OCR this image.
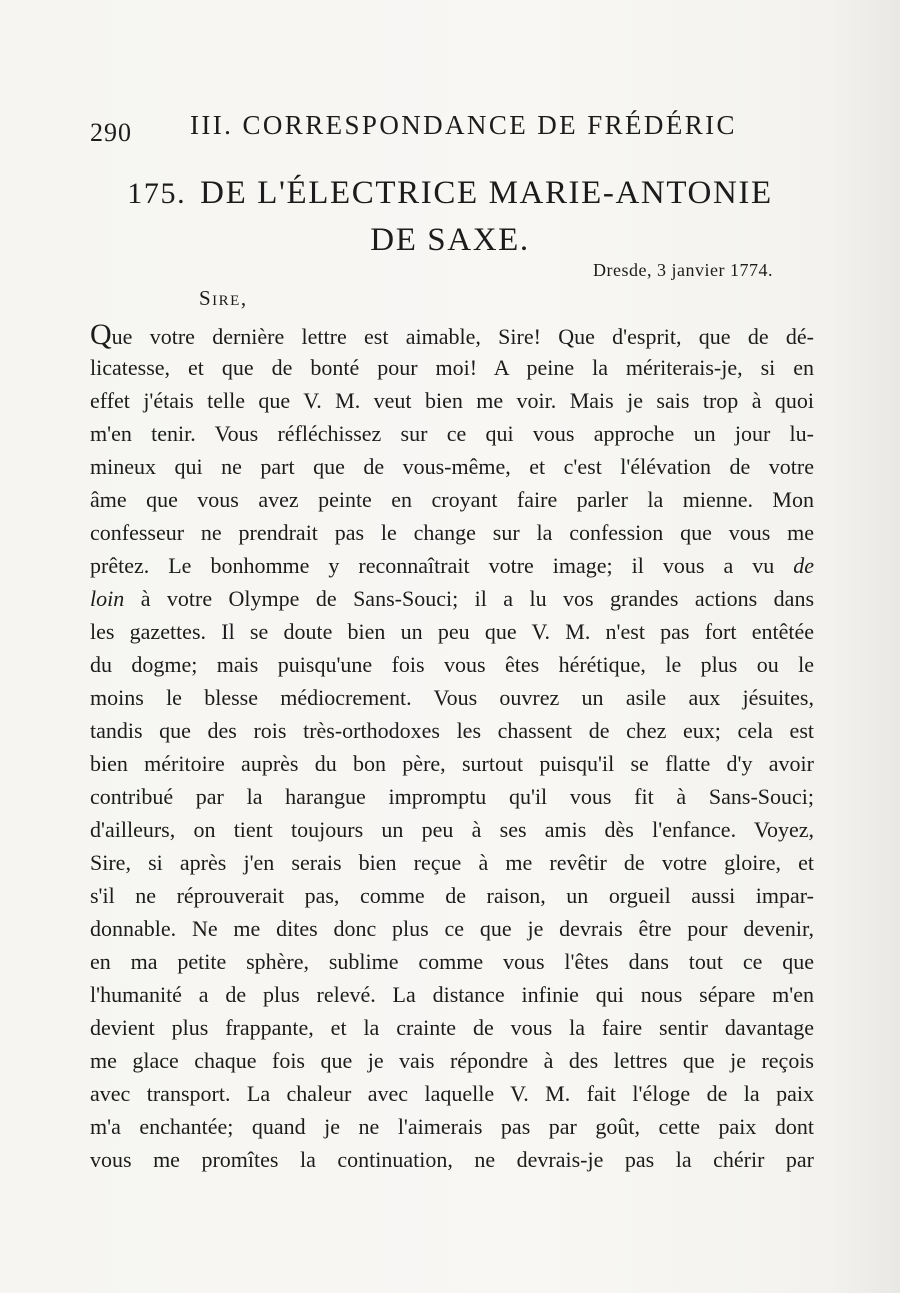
290 III. CORRESPONDANCE DE FRÉDÉRIC
175. DE L'ÉLECTRICE MARIE-ANTONIE
DE SAXE.
Dresde, 3 janvier 1774.
Sire,
Que votre dernière lettre est aimable, Sire! Que d'esprit, que de dé-
licatesse, et que de bonté pour moi! A peine la mériterais-je, si en
effet j'étais telle que V. M. veut bien me voir. Mais je sais trop à quoi
m'en tenir. Vous réfléchissez sur ce qui vous approche un jour lu-
mineux qui ne part que de vous-même, et c'est l'élévation de votre
âme que vous avez peinte en croyant faire parler la mienne. Mon
confesseur ne prendrait pas le change sur la confession que vous me
prêtez. Le bonhomme y reconnaîtrait votre image; il vous a vu de
loin à votre Olympe de Sans-Souci; il a lu vos grandes actions dans
les gazettes. Il se doute bien un peu que V. M. n'est pas fort entêtée
du dogme; mais puisqu'une fois vous êtes hérétique, le plus ou le
moins le blesse médiocrement. Vous ouvrez un asile aux jésuites,
tandis que des rois très-orthodoxes les chassent de chez eux; cela est
bien méritoire auprès du bon père, surtout puisqu'il se flatte d'y avoir
contribué par la harangue impromptu qu'il vous fit à Sans-Souci;
d'ailleurs, on tient toujours un peu à ses amis dès l'enfance. Voyez,
Sire, si après j'en serais bien reçue à me revêtir de votre gloire, et
s'il ne réprouverait pas, comme de raison, un orgueil aussi impar-
donnable. Ne me dites donc plus ce que je devrais être pour devenir,
en ma petite sphère, sublime comme vous l'êtes dans tout ce que
l'humanité a de plus relevé. La distance infinie qui nous sépare m'en
devient plus frappante, et la crainte de vous la faire sentir davantage
me glace chaque fois que je vais répondre à des lettres que je reçois
avec transport. La chaleur avec laquelle V. M. fait l'éloge de la paix
m'a enchantée; quand je ne l'aimerais pas par goût, cette paix dont
vous me promîtes la continuation, ne devrais-je pas la chérir par
